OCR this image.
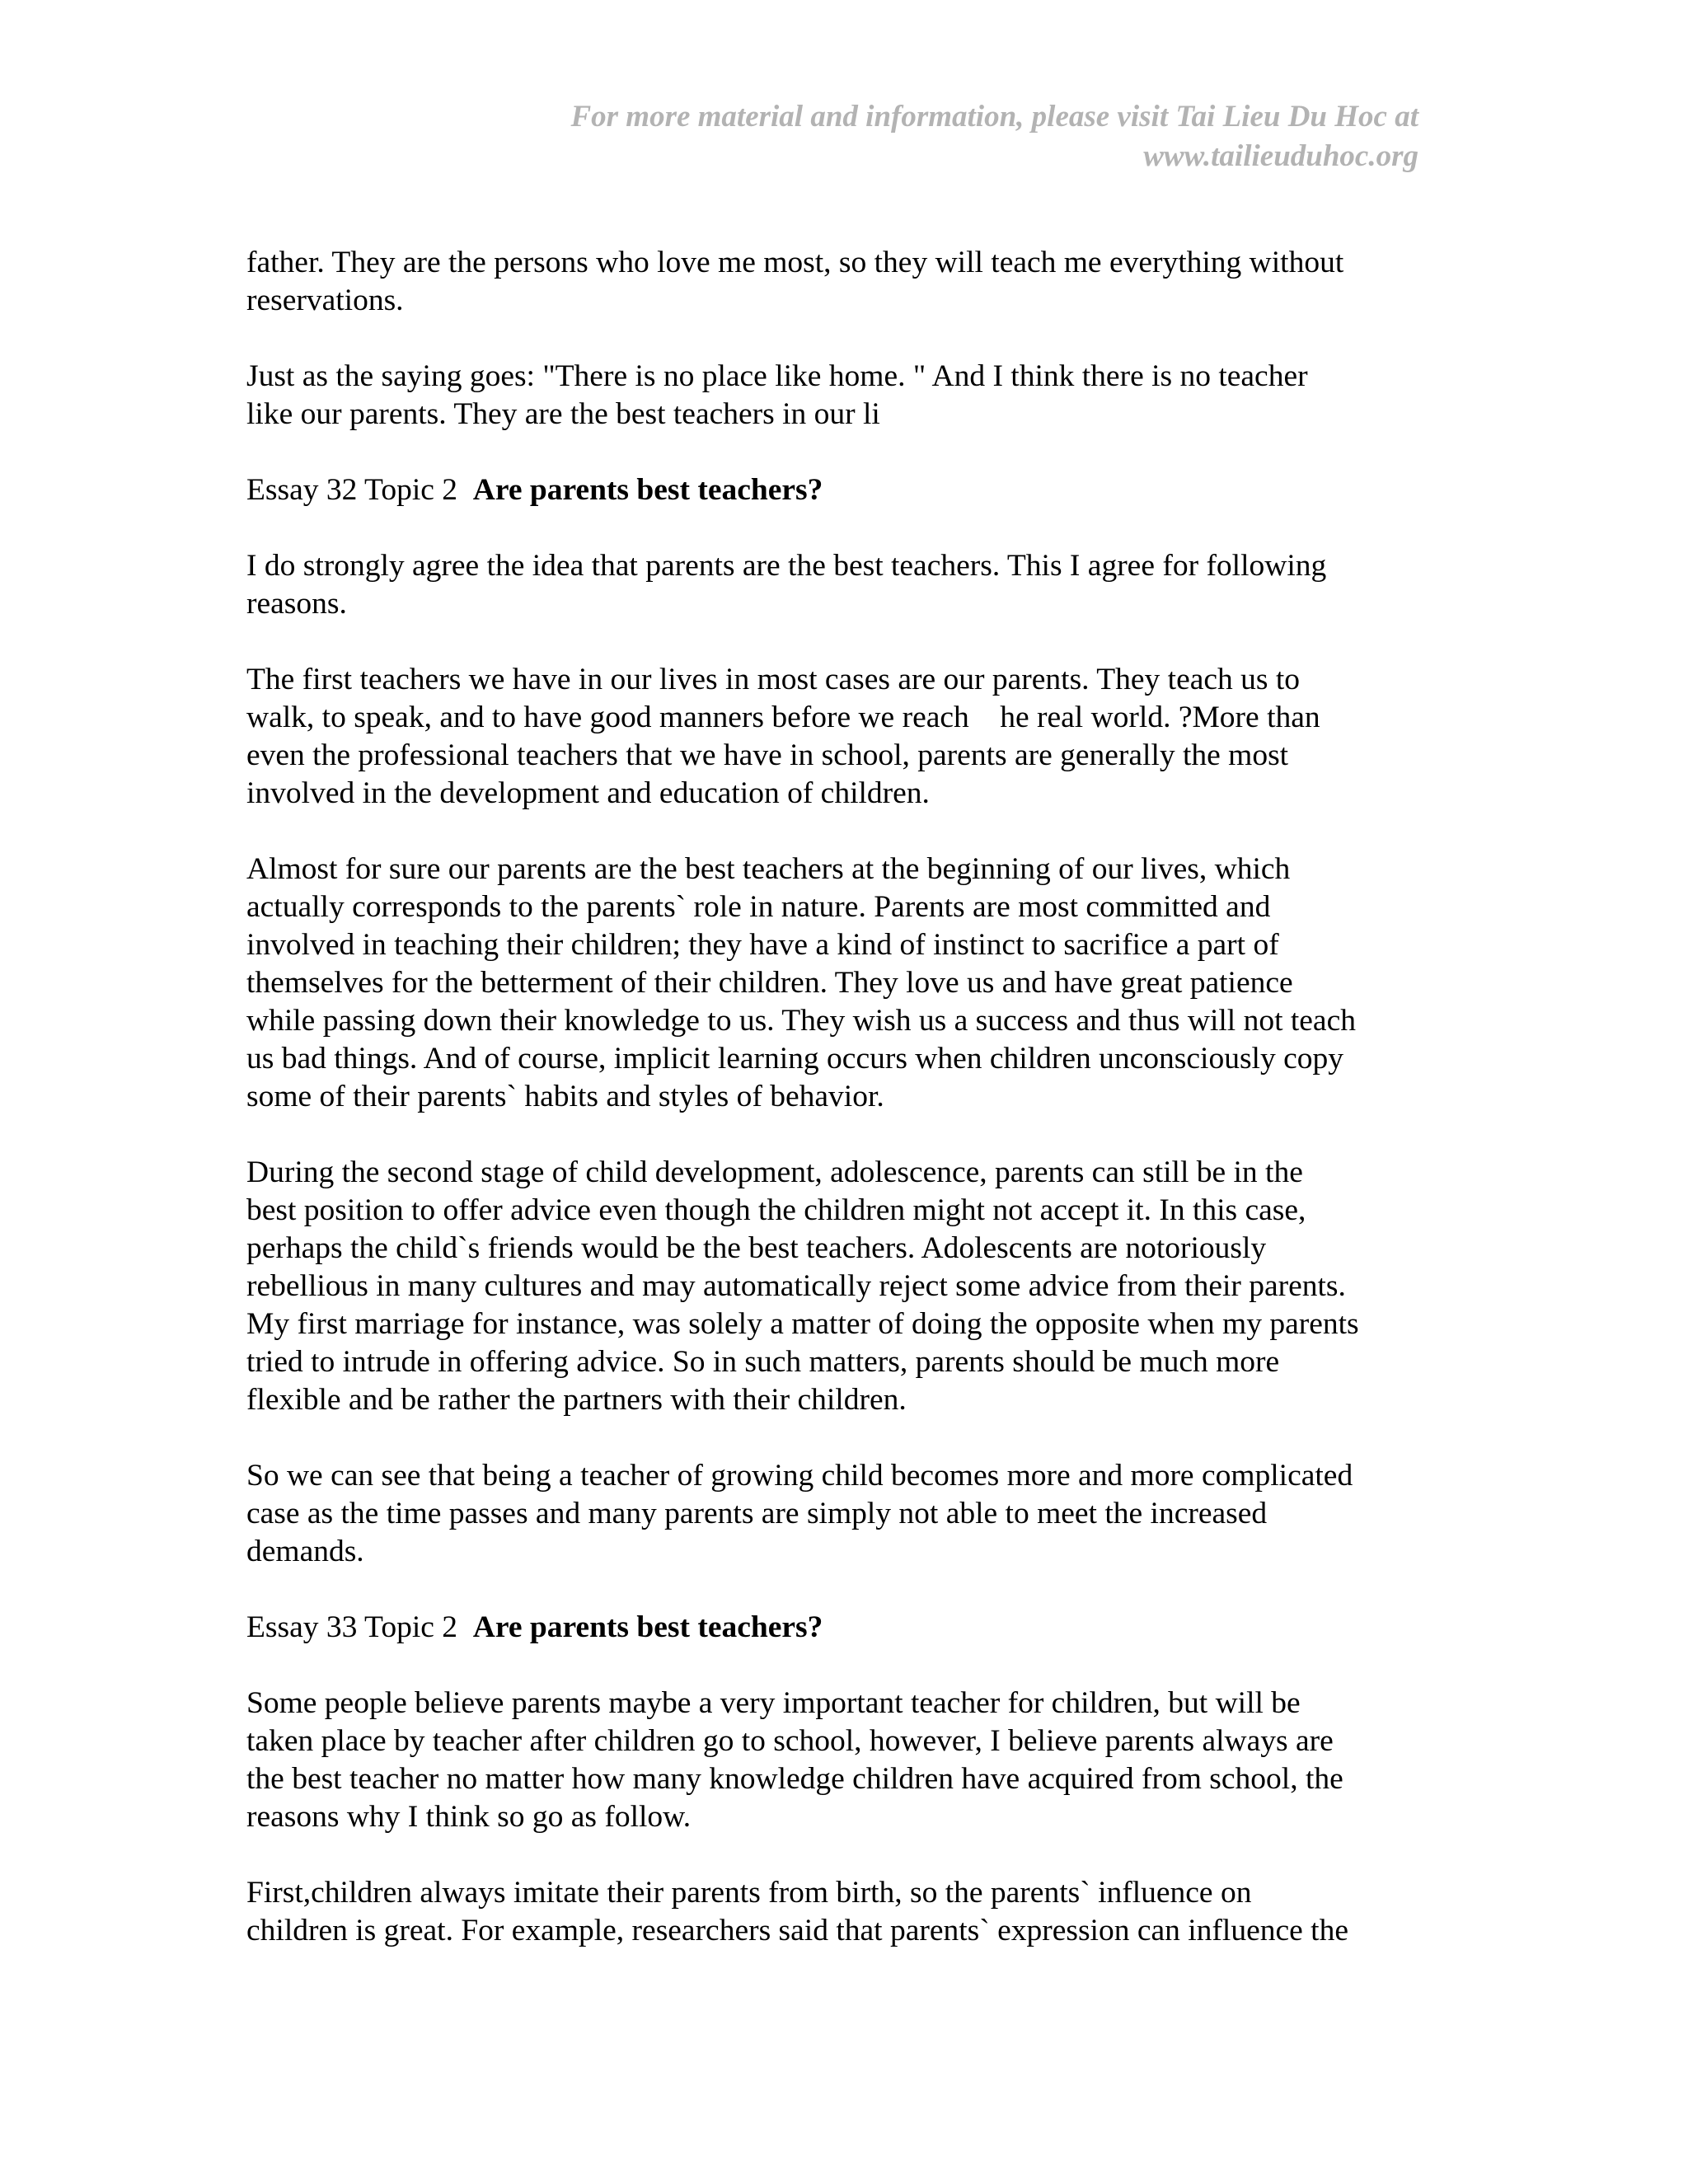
For more material and information, please visit Tai Lieu Du Hoc at
www.tailieuduhoc.org
father. They are the persons who love me most, so they will teach me everything without
reservations.
Just as the saying goes: "There is no place like home. " And I think there is no teacher
like our parents. They are the best teachers in our li
Essay 32 Topic 2  Are parents best teachers?
I do strongly agree the idea that parents are the best teachers. This I agree for following
reasons.
The first teachers we have in our lives in most cases are our parents. They teach us to
walk, to speak, and to have good manners before we reach    he real world. ?More than
even the professional teachers that we have in school, parents are generally the most
involved in the development and education of children.
Almost for sure our parents are the best teachers at the beginning of our lives, which
actually corresponds to the parents` role in nature. Parents are most committed and
involved in teaching their children; they have a kind of instinct to sacrifice a part of
themselves for the betterment of their children. They love us and have great patience
while passing down their knowledge to us. They wish us a success and thus will not teach
us bad things. And of course, implicit learning occurs when children unconsciously copy
some of their parents` habits and styles of behavior.
During the second stage of child development, adolescence, parents can still be in the
best position to offer advice even though the children might not accept it. In this case,
perhaps the child`s friends would be the best teachers. Adolescents are notoriously
rebellious in many cultures and may automatically reject some advice from their parents.
My first marriage for instance, was solely a matter of doing the opposite when my parents
tried to intrude in offering advice. So in such matters, parents should be much more
flexible and be rather the partners with their children.
So we can see that being a teacher of growing child becomes more and more complicated
case as the time passes and many parents are simply not able to meet the increased
demands.
Essay 33 Topic 2  Are parents best teachers?
Some people believe parents maybe a very important teacher for children, but will be
taken place by teacher after children go to school, however, I believe parents always are
the best teacher no matter how many knowledge children have acquired from school, the
reasons why I think so go as follow.
First,children always imitate their parents from birth, so the parents` influence on
children is great. For example, researchers said that parents` expression can influence the
